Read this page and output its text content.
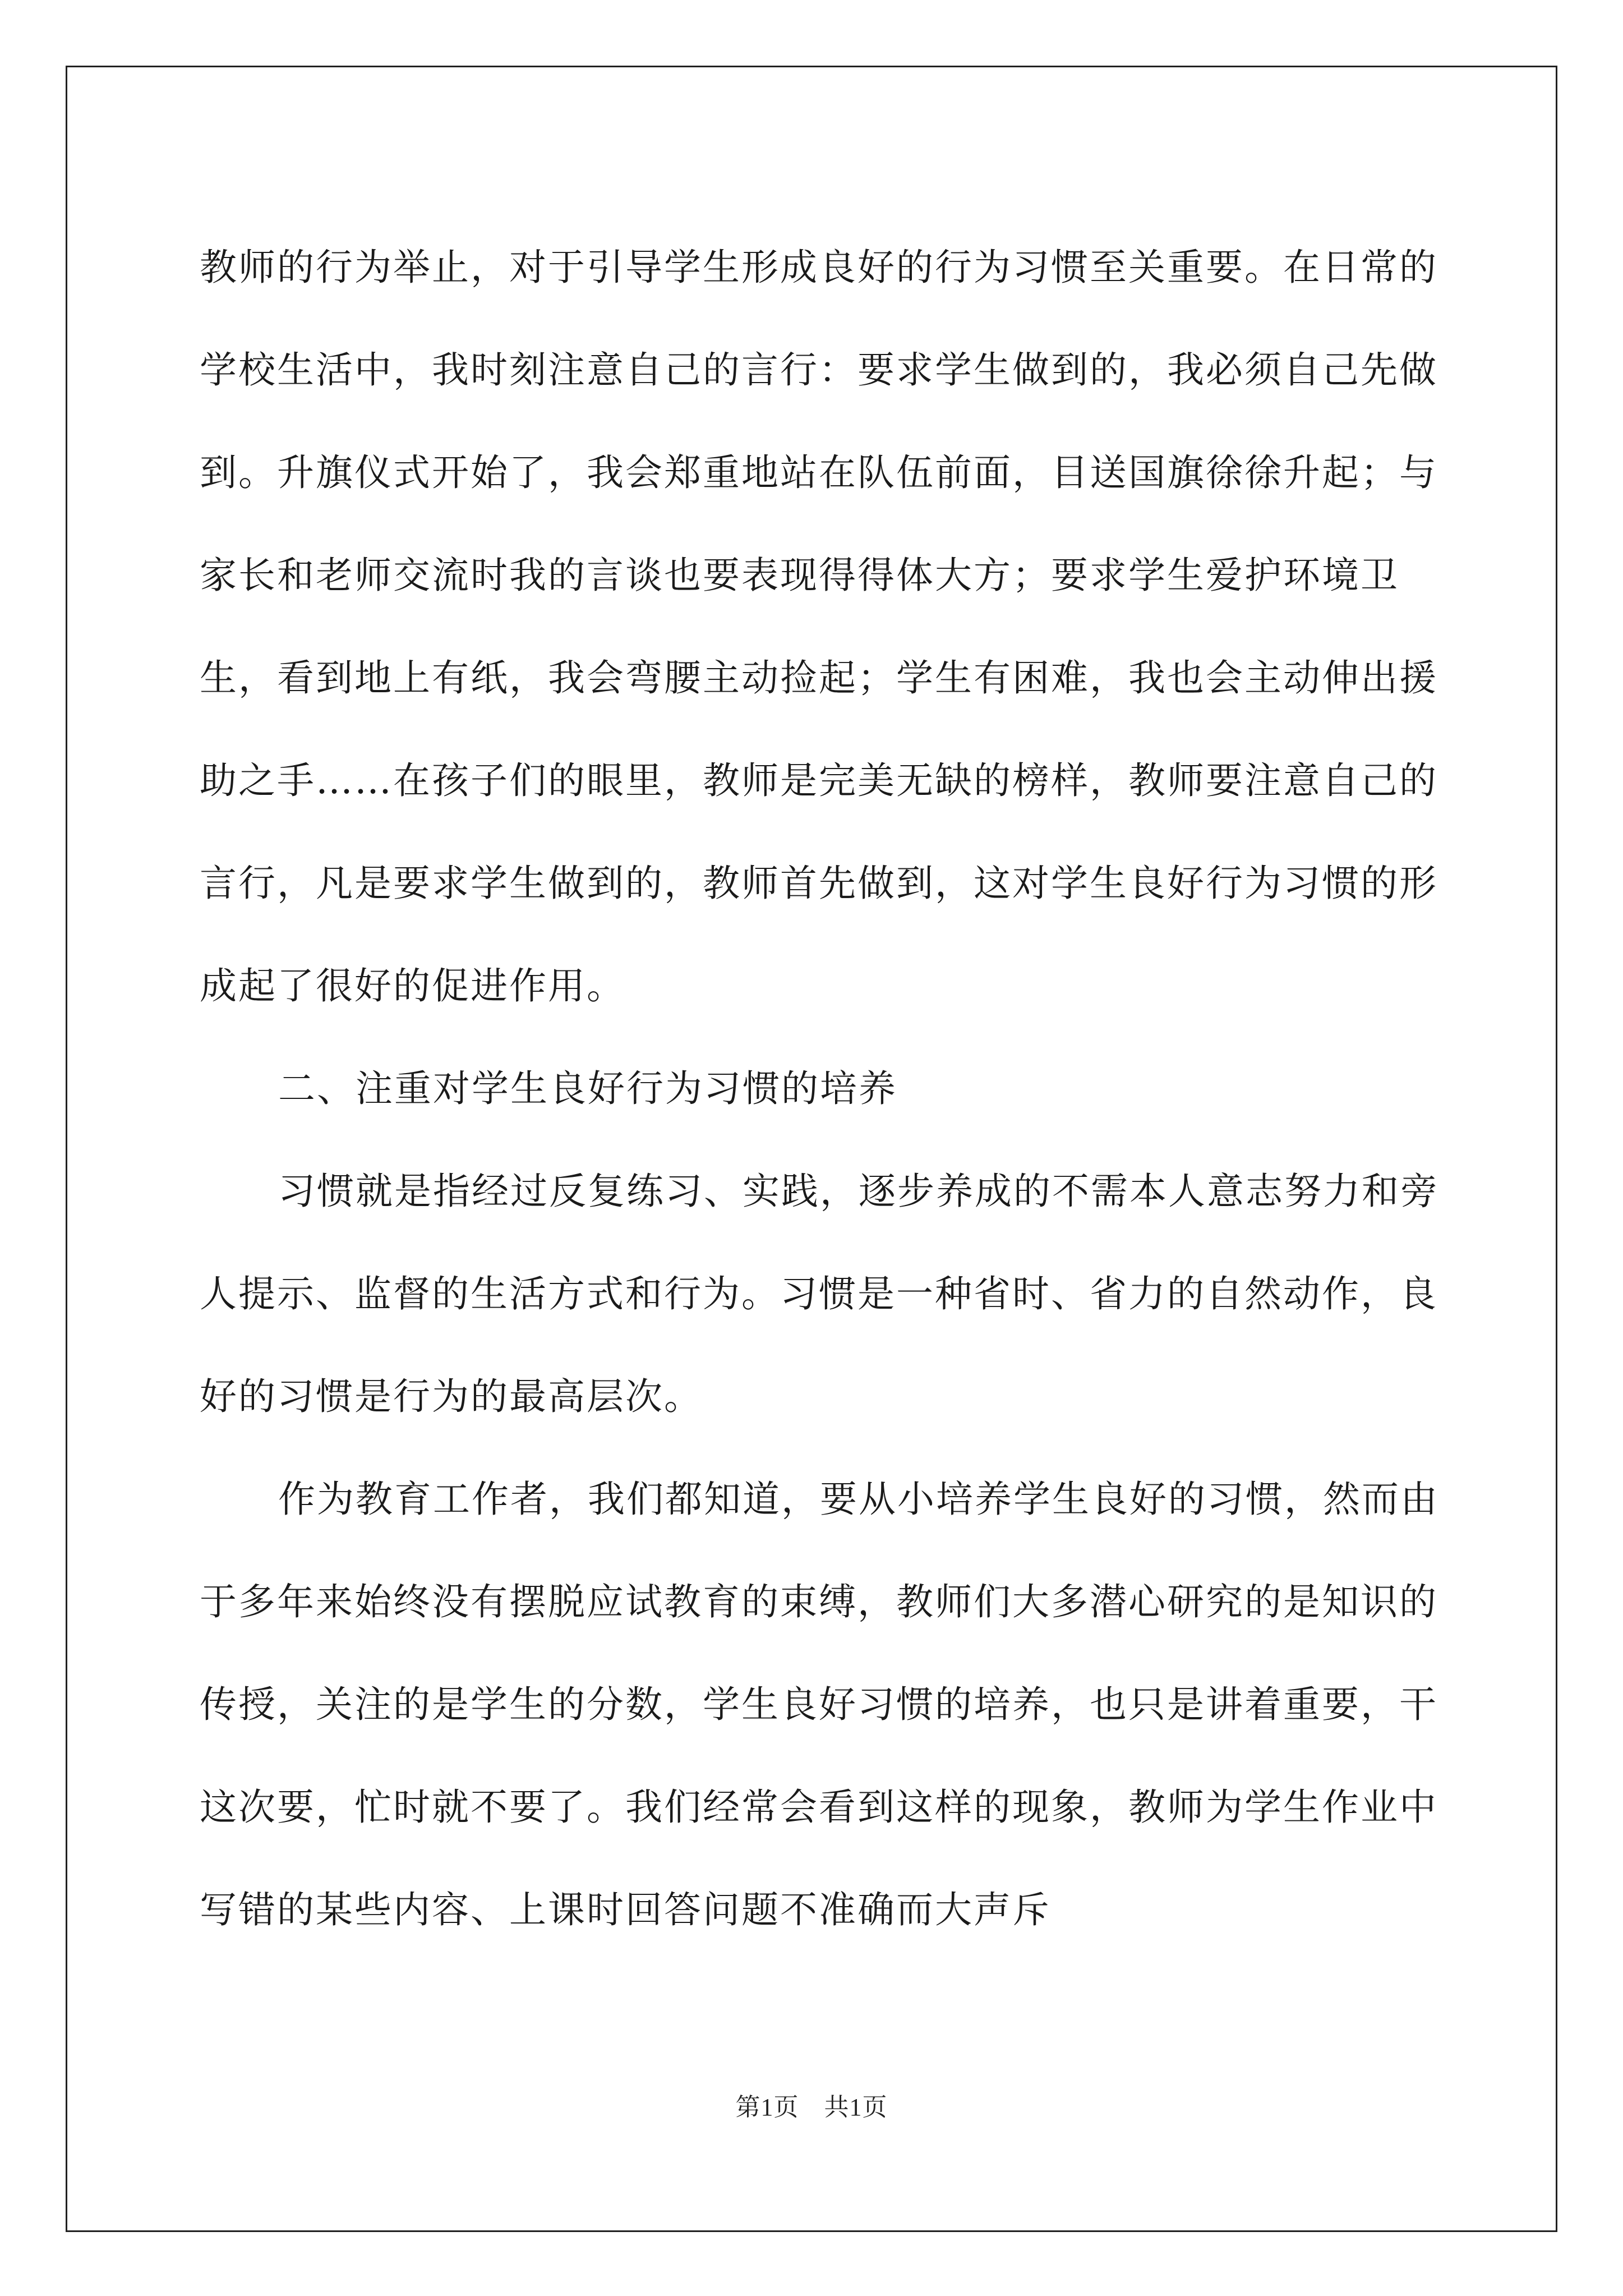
教师的行为举止，对于引导学生形成良好的行为习惯至关重要。在日常的学校生活中，我时刻注意自己的言行：要求学生做到的，我必须自己先做到。升旗仪式开始了，我会郑重地站在队伍前面，目送国旗徐徐升起；与家长和老师交流时我的言谈也要表现得得体大方；要求学生爱护环境卫生，看到地上有纸，我会弯腰主动捡起；学生有困难，我也会主动伸出援助之手……在孩子们的眼里，教师是完美无缺的榜样，教师要注意自己的言行，凡是要求学生做到的，教师首先做到，这对学生良好行为习惯的形成起了很好的促进作用。

二、注重对学生良好行为习惯的培养

习惯就是指经过反复练习、实践，逐步养成的不需本人意志努力和旁人提示、监督的生活方式和行为。习惯是一种省时、省力的自然动作，良好的习惯是行为的最高层次。

作为教育工作者，我们都知道，要从小培养学生良好的习惯，然而由于多年来始终没有摆脱应试教育的束缚，教师们大多潜心研究的是知识的传授，关注的是学生的分数，学生良好习惯的培养，也只是讲着重要，干这次要，忙时就不要了。我们经常会看到这样的现象，教师为学生作业中写错的某些内容、上课时回答问题不准确而大声斥

第1页　共1页
